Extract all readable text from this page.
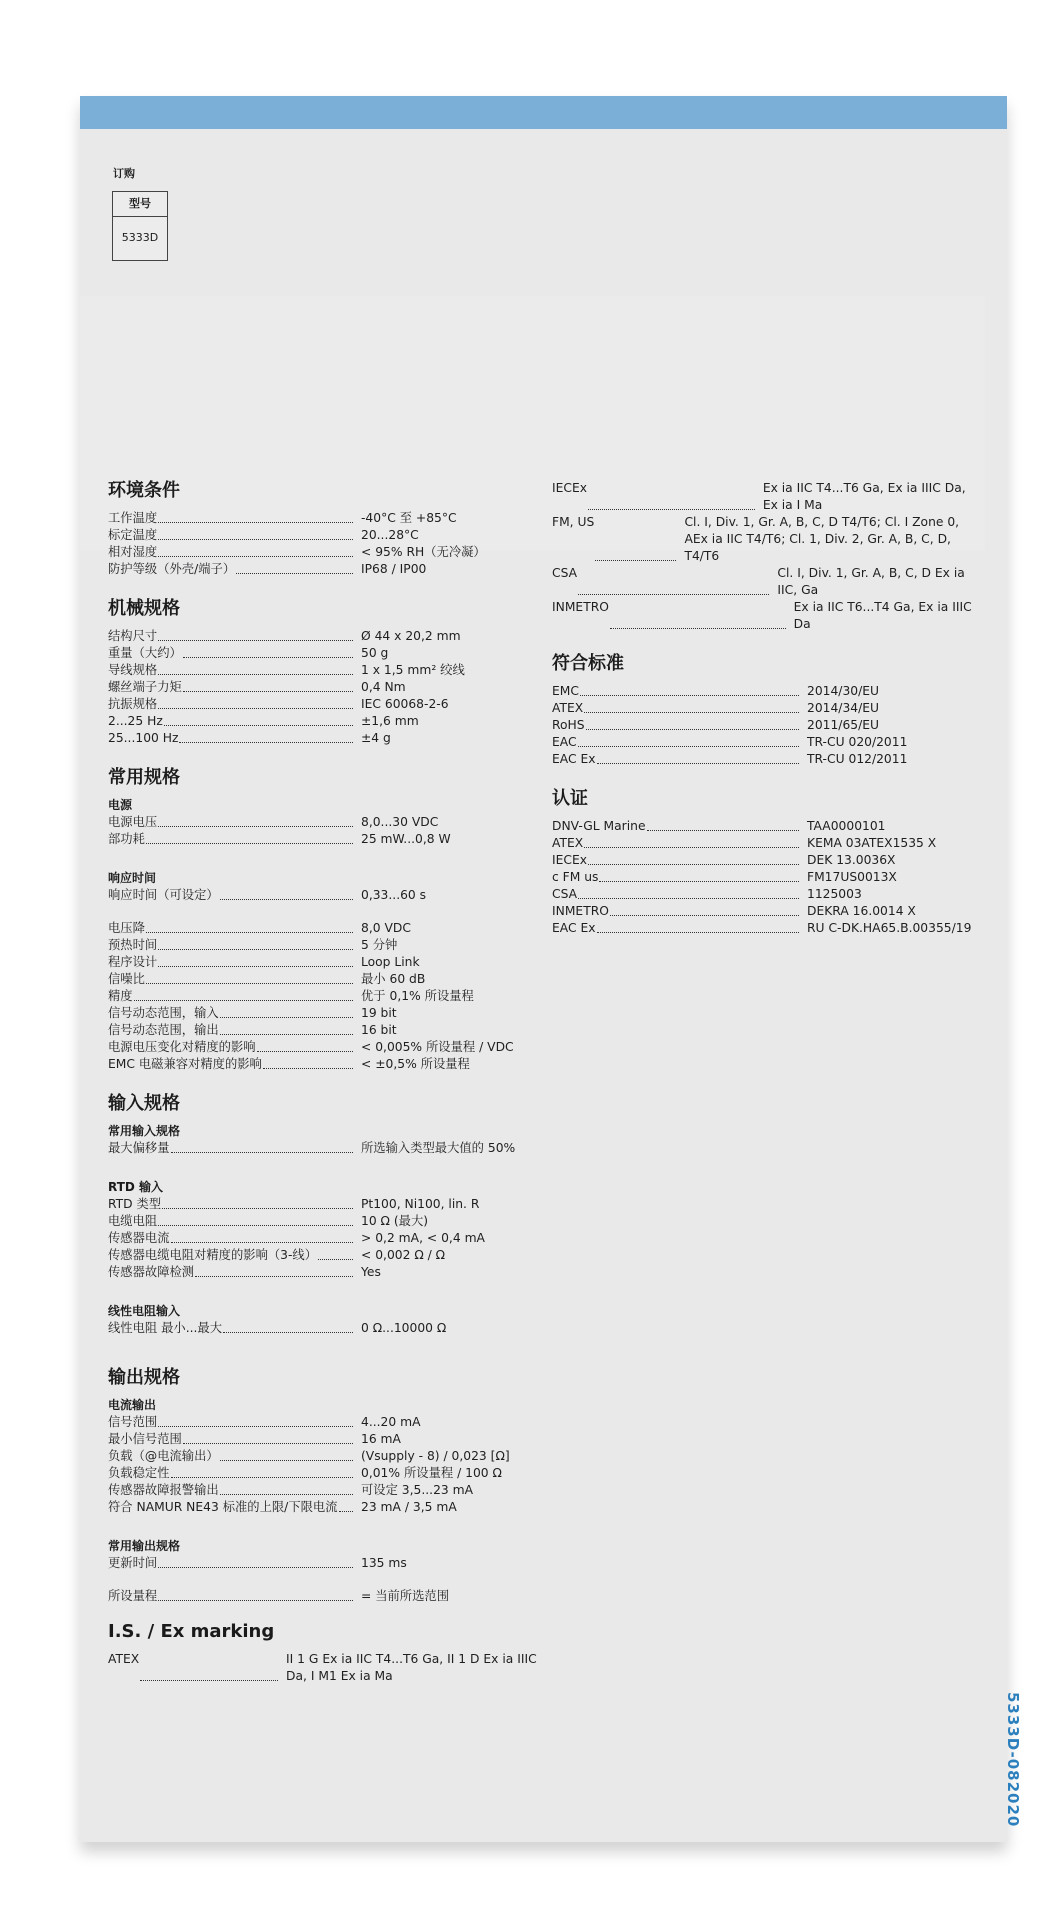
订购
型号
5333D
环境条件
工作温度	-40°C 至 +85°C
标定温度	20...28°C
相对湿度	< 95% RH（无冷凝）
防护等级（外壳/端子）	IP68 / IP00
机械规格
结构尺寸	Ø 44 x 20,2 mm
重量（大约）	50 g
导线规格	1 x 1,5 mm² 绞线
螺丝端子力矩	0,4 Nm
抗振规格	IEC 60068-2-6
2...25 Hz	±1,6 mm
25...100 Hz	±4 g
常用规格
电源
电源电压	8,0...30 VDC
部功耗	25 mW...0,8 W
响应时间
响应时间（可设定）	0,33...60 s
电压降	8,0 VDC
预热时间	5 分钟
程序设计	Loop Link
信噪比	最小 60 dB
精度	优于 0,1% 所设量程
信号动态范围，输入	19 bit
信号动态范围，输出	16 bit
电源电压变化对精度的影响	< 0,005% 所设量程 / VDC
EMC 电磁兼容对精度的影响	< ±0,5% 所设量程
输入规格
常用输入规格
最大偏移量	所选输入类型最大值的 50%
RTD 输入
RTD 类型	Pt100, Ni100, lin. R
电缆电阻	10 Ω (最大)
传感器电流	> 0,2 mA, < 0,4 mA
传感器电缆电阻对精度的影响（3-线）	< 0,002 Ω / Ω
传感器故障检测	Yes
线性电阻输入
线性电阻 最小...最大	0 Ω...10000 Ω
输出规格
电流输出
信号范围	4...20 mA
最小信号范围	16 mA
负载（@电流输出）	(Vsupply - 8) / 0,023 [Ω]
负载稳定性	0,01% 所设量程 / 100 Ω
传感器故障报警输出	可设定 3,5...23 mA
符合 NAMUR NE43 标准的上限/下限电流	23 mA / 3,5 mA
常用输出规格
更新时间	135 ms
所设量程	= 当前所选范围
I.S. / Ex marking
ATEX	II 1 G Ex ia IIC T4...T6 Ga, II 1 D Ex ia IIIC Da, I M1 Ex ia Ma
IECEx	Ex ia IIC T4...T6 Ga, Ex ia IIIC Da, Ex ia I Ma
FM, US	Cl. I, Div. 1, Gr. A, B, C, D T4/T6; Cl. I Zone 0, AEx ia IIC T4/T6; Cl. 1, Div. 2, Gr. A, B, C, D, T4/T6
CSA	Cl. I, Div. 1, Gr. A, B, C, D Ex ia IIC, Ga
INMETRO	Ex ia IIC T6...T4 Ga, Ex ia IIIC Da
符合标准
EMC	2014/30/EU
ATEX	2014/34/EU
RoHS	2011/65/EU
EAC	TR-CU 020/2011
EAC Ex	TR-CU 012/2011
认证
DNV-GL Marine	TAA0000101
ATEX	KEMA 03ATEX1535 X
IECEx	DEK 13.0036X
c FM us	FM17US0013X
CSA	1125003
INMETRO	DEKRA 16.0014 X
EAC Ex	RU C-DK.HA65.B.00355/19
5333D-082020
